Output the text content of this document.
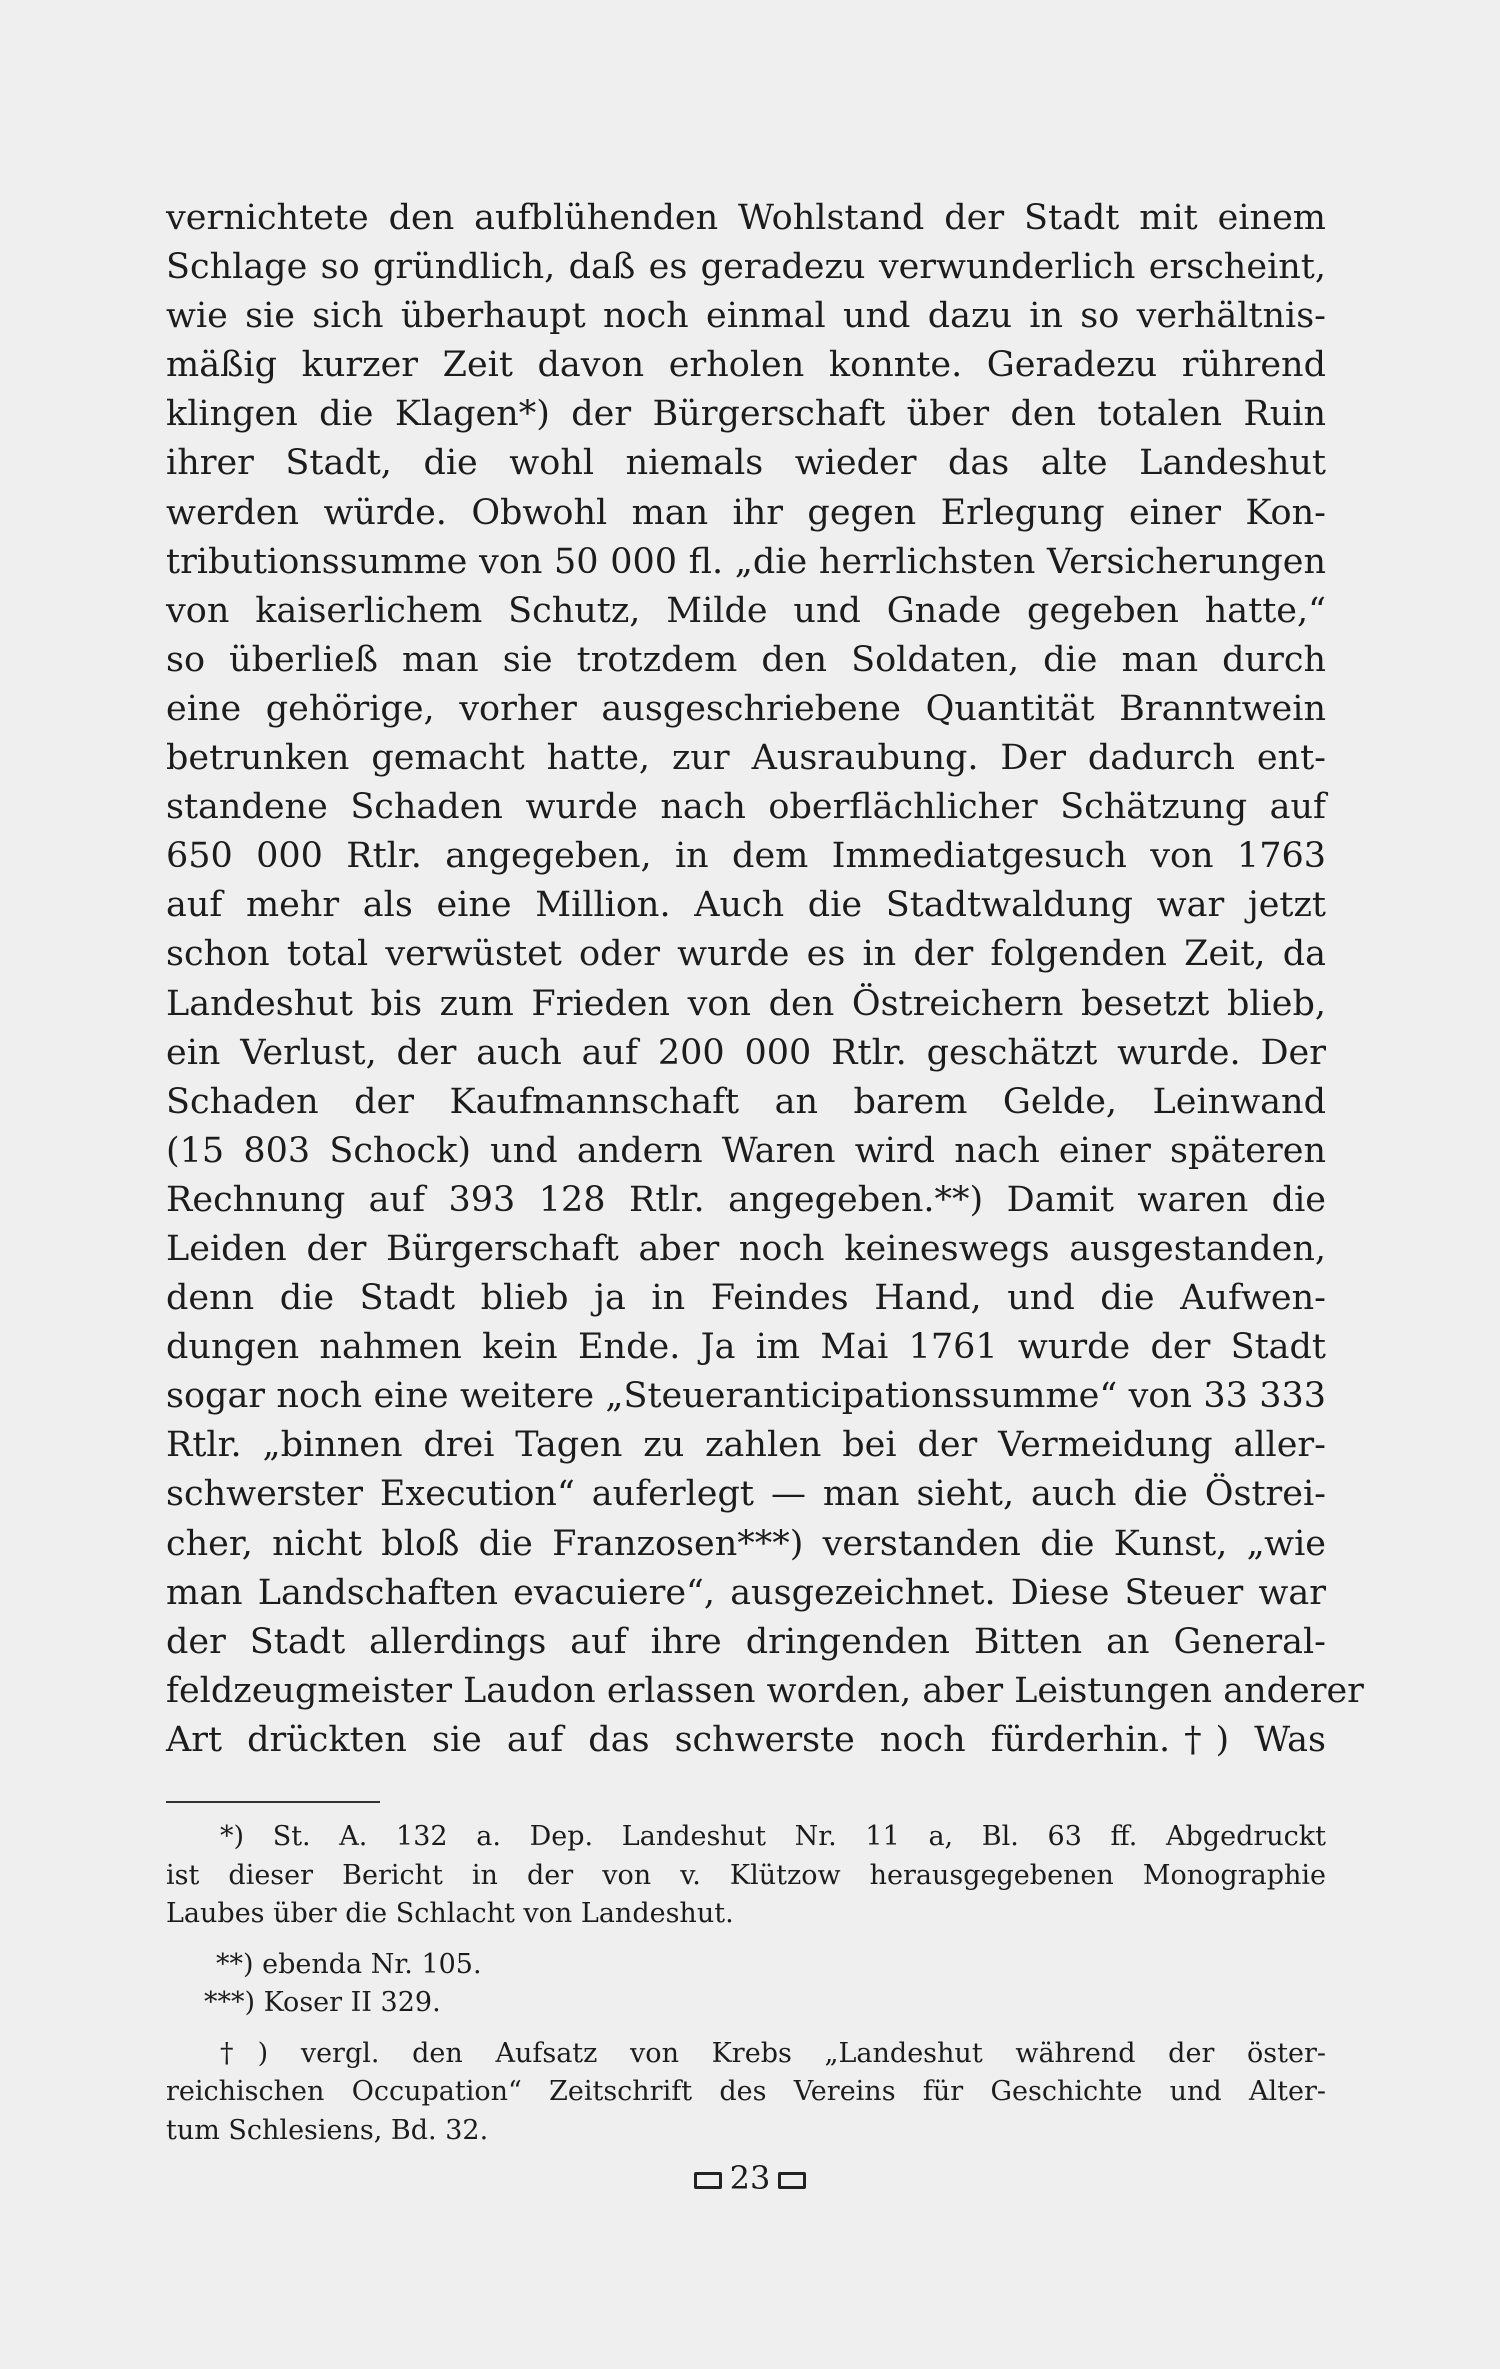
vernichtete den aufblühenden Wohlstand der Stadt mit einem
Schlage so gründlich, daß es geradezu verwunderlich erscheint,
wie sie sich überhaupt noch einmal und dazu in so verhältnis-
mäßig kurzer Zeit davon erholen konnte. Geradezu rührend
klingen die Klagen*) der Bürgerschaft über den totalen Ruin
ihrer Stadt, die wohl niemals wieder das alte Landeshut
werden würde. Obwohl man ihr gegen Erlegung einer Kon-
tributionssumme von 50 000 fl. „die herrlichsten Versicherungen
von kaiserlichem Schutz, Milde und Gnade gegeben hatte,“
so überließ man sie trotzdem den Soldaten, die man durch
eine gehörige, vorher ausgeschriebene Quantität Branntwein
betrunken gemacht hatte, zur Ausraubung. Der dadurch ent-
standene Schaden wurde nach oberflächlicher Schätzung auf
650 000 Rtlr. angegeben, in dem Immediatgesuch von 1763
auf mehr als eine Million. Auch die Stadtwaldung war jetzt
schon total verwüstet oder wurde es in der folgenden Zeit, da
Landeshut bis zum Frieden von den Östreichern besetzt blieb,
ein Verlust, der auch auf 200 000 Rtlr. geschätzt wurde. Der
Schaden der Kaufmannschaft an barem Gelde, Leinwand
(15 803 Schock) und andern Waren wird nach einer späteren
Rechnung auf 393 128 Rtlr. angegeben.**) Damit waren die
Leiden der Bürgerschaft aber noch keineswegs ausgestanden,
denn die Stadt blieb ja in Feindes Hand, und die Aufwen-
dungen nahmen kein Ende. Ja im Mai 1761 wurde der Stadt
sogar noch eine weitere „Steueranticipationssumme“ von 33 333
Rtlr. „binnen drei Tagen zu zahlen bei der Vermeidung aller-
schwerster Execution“ auferlegt — man sieht, auch die Östrei-
cher, nicht bloß die Franzosen***) verstanden die Kunst, „wie
man Landschaften evacuiere“, ausgezeichnet. Diese Steuer war
der Stadt allerdings auf ihre dringenden Bitten an General-
feldzeugmeister Laudon erlassen worden, aber Leistungen anderer
Art drückten sie auf das schwerste noch fürderhin.†) Was
*) St. A. 132 a. Dep. Landeshut Nr. 11 a, Bl. 63 ff. Abgedruckt
ist dieser Bericht in der von v. Klützow herausgegebenen Monographie
Laubes über die Schlacht von Landeshut.
**) ebenda Nr. 105.
***) Koser II 329.
†) vergl. den Aufsatz von Krebs „Landeshut während der öster-
reichischen Occupation“ Zeitschrift des Vereins für Geschichte und Alter-
tum Schlesiens, Bd. 32.
23
